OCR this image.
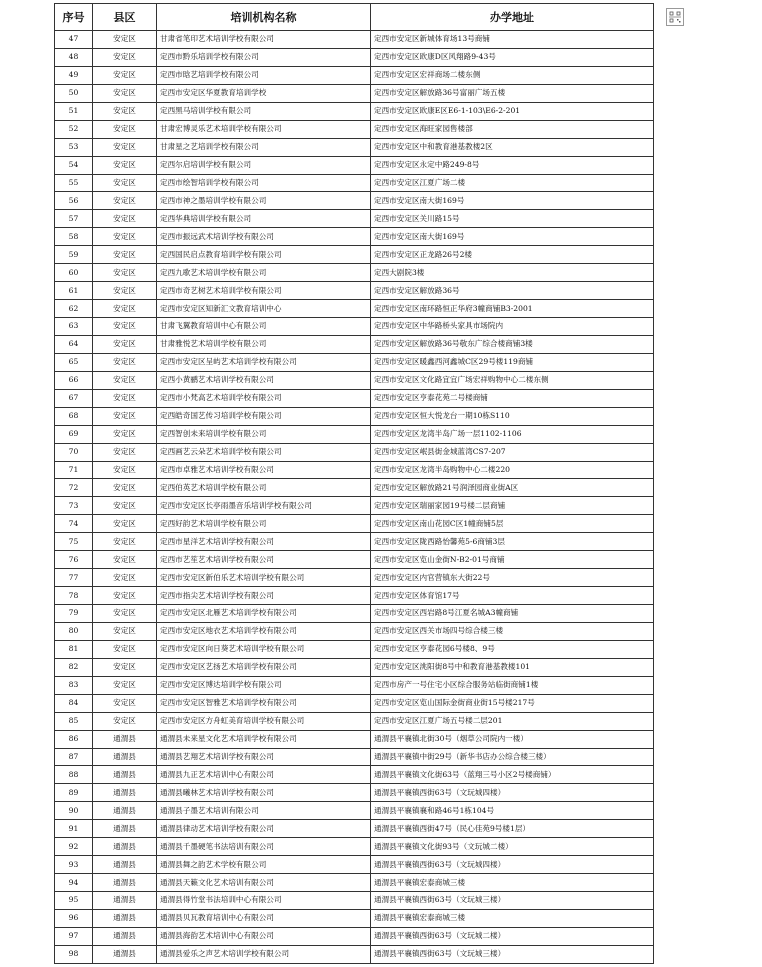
序号	县区	培训机构名称	办学地址
47	安定区	甘肃省笔印艺术培训学校有限公司	定西市安定区新城体育场13号商铺
48	安定区	定西市黔乐培训学校有限公司	定西市安定区欧康D区风翔路9-43号
49	安定区	定西市晗艺培训学校有限公司	定西市安定区宏祥商场二楼东侧
50	安定区	定西市安定区华夏教育培训学校	定西市安定区解放路36号富丽广场五楼
51	安定区	定西黑马培训学校有限公司	定西市安定区欧康E区E6-1-103\E6-2-201
52	安定区	甘肃宏博灵乐艺术培训学校有限公司	定西市安定区海旺家园售楼部
53	安定区	甘肃星之艺培训学校有限公司	定西市安定区中和教育港基教楼2区
54	安定区	定西尔启培训学校有限公司	定西市安定区永定中路249-8号
55	安定区	定西市绘智培训学校有限公司	定西市安定区江夏广场二楼
56	安定区	定西市神之墨培训学校有限公司	定西市安定区南大街169号
57	安定区	定西华典培训学校有限公司	定西市安定区关川路15号
58	安定区	定西市振远武术培训学校有限公司	定西市安定区南大街169号
59	安定区	定西国民启点教育培训学校有限公司	定西市安定区正龙路26号2楼
60	安定区	定西九歌艺术培训学校有限公司	定西大剧院3楼
61	安定区	定西市奇艺树艺术培训学校有限公司	定西市安定区解放路36号
62	安定区	定西市安定区知新汇文教育培训中心	定西市安定区南环路恒正华府3幢商铺B3-2001
63	安定区	甘肃飞翼教育培训中心有限公司	定西市安定区中华路桥头家具市场院内
64	安定区	甘肃雅悦艺术培训学校有限公司	定西市安定区解放路36号敬东广综合楼商铺3楼
65	安定区	定西市安定区呈屿艺术培训学校有限公司	定西市安定区暖鑫西河鑫城C区29号楼119商铺
66	安定区	定西小黄鹂艺术培训学校有限公司	定西市安定区文化路宜宜广场宏祥购物中心二楼东侧
67	安定区	定西市小梵高艺术培训学校有限公司	定西市安定区亨泰花苑二号楼商铺
68	安定区	定西皓奇国艺传习培训学校有限公司	定西市安定区恒大悦龙台一期10栋S110
69	安定区	定西智创未来培训学校有限公司	定西市安定区龙湾半岛广场一层1102-1106
70	安定区	定西画艺云朵艺术培训学校有限公司	定西市安定区岷县街金城蓝湾CS7-207
71	安定区	定西市卓雅艺术培训学校有限公司	定西市安定区龙湾半岛购物中心二楼220
72	安定区	定西伯英艺术培训学校有限公司	定西市安定区解放路21号润泽园商业街A区
73	安定区	定西市安定区长亭雨墨音乐培训学校有限公司	定西市安定区瑞丽家园19号楼二层商铺
74	安定区	定西好韵艺术培训学校有限公司	定西市安定区南山花园C区1幢商铺5层
75	安定区	定西市星洋艺术培训学校有限公司	定西市安定区陇西路怡馨苑5-6商铺3层
76	安定区	定西市艺笙艺术培训学校有限公司	定西市安定区览山金街N-B2-01号商铺
77	安定区	定西市安定区新伯乐艺术培训学校有限公司	定西市安定区内官营镇东大街22号
78	安定区	定西市指尖艺术培训学校有限公司	定西市安定区体育馆17号
79	安定区	定西市安定区北雁艺术培训学校有限公司	定西市安定区西岩路8号江夏名城A3幢商铺
80	安定区	定西市安定区地衣艺术培训学校有限公司	定西市安定区西关市场四号综合楼三楼
81	安定区	定西市安定区向日葵艺术培训学校有限公司	定西市安定区亨泰花园6号楼8、9号
82	安定区	定西市安定区艺扬艺术培训学校有限公司	定西市安定区洮阳街8号中和教育港基教楼101
83	安定区	定西市安定区博达培训学校有限公司	定西市房产一号住宅小区综合服务站临街商铺1楼
84	安定区	定西市安定区智雅艺术培训学校有限公司	定西市安定区览山国际金街商业街15号楼217号
85	安定区	定西市安定区方舟虹美育培训学校有限公司	定西市安定区江夏广场五号楼二层201
86	通渭县	通渭县未来星文化艺术培训学校有限公司	通渭县平襄镇北街30号（烟草公司院内一楼）
87	通渭县	通渭县艺翔艺术培训学校有限公司	通渭县平襄镇中街29号（新华书店办公综合楼三楼）
88	通渭县	通渭县九正艺术培训中心有限公司	通渭县平襄镇文化街63号（蓝翔三号小区2号楼商铺）
89	通渭县	通渭县曦林艺术培训学校有限公司	通渭县平襄镇西街63号（文玩城四楼）
90	通渭县	通渭县子墨艺术培训有限公司	通渭县平襄镇襄和路46号1栋104号
91	通渭县	通渭县律动艺术培训学校有限公司	通渭县平襄镇西街47号（民心佳苑9号楼1层）
92	通渭县	通渭县千墨硬笔书法培训有限公司	通渭县平襄镇文化街93号（文玩城二楼）
93	通渭县	通渭县舞之韵艺术学校有限公司	通渭县平襄镇西街63号（文玩城四楼）
94	通渭县	通渭县天籁文化艺术培训有限公司	通渭县平襄镇宏泰商城三楼
95	通渭县	通渭县得竹堂书法培训中心有限公司	通渭县平襄镇西街63号（文玩城三楼）
96	通渭县	通渭县贝瓦教育培训中心有限公司	通渭县平襄镇宏泰商城三楼
97	通渭县	通渭县海韵艺术培训中心有限公司	通渭县平襄镇西街63号（文玩城二楼）
98	通渭县	通渭县爱乐之声艺术培训学校有限公司	通渭县平襄镇西街63号（文玩城三楼）
